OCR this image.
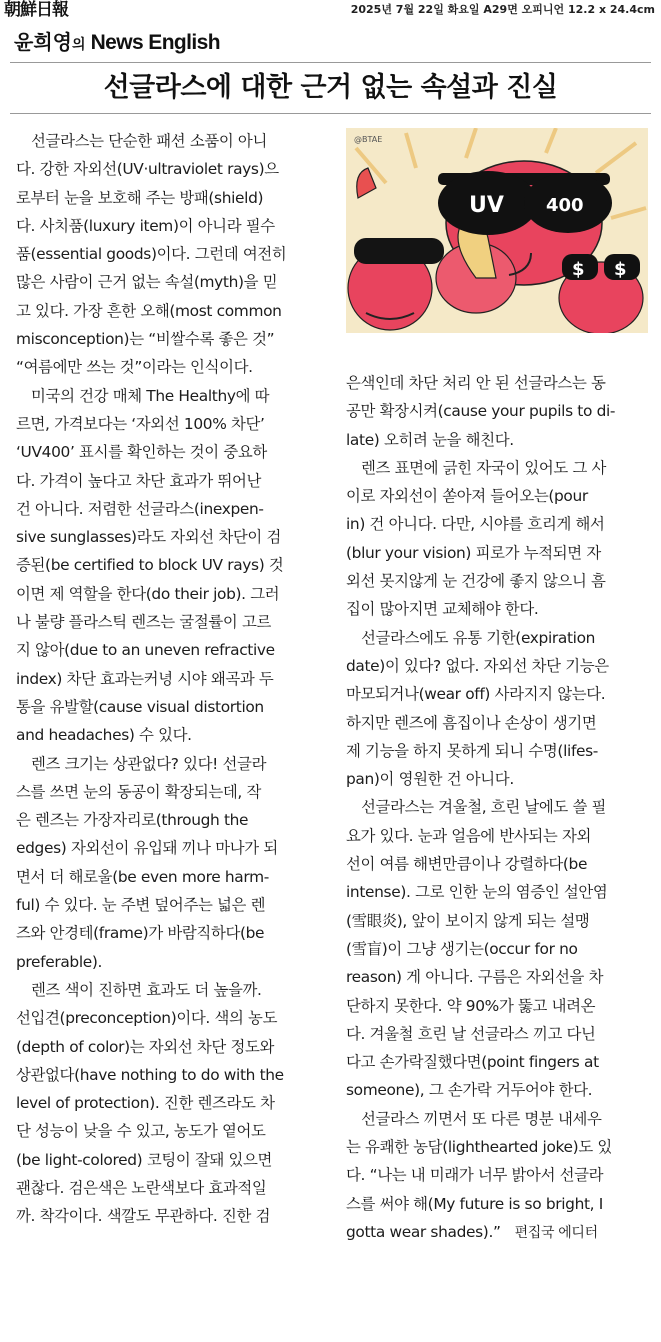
朝鮮日報	2025년 7월 22일 화요일 A29면 오피니언 12.2 x 24.4cm
윤희영의 News English
선글라스에 대한 근거 없는 속설과 진실
　선글라스는 단순한 패션 소품이 아니
다. 강한 자외선(UV·ultraviolet rays)으
로부터 눈을 보호해 주는 방패(shield)
다. 사치품(luxury item)이 아니라 필수
품(essential goods)이다. 그런데 여전히
많은 사람이 근거 없는 속설(myth)을 믿
고 있다. 가장 흔한 오해(most common
misconception)는 “비쌀수록 좋은 것”
“여름에만 쓰는 것”이라는 인식이다.
　미국의 건강 매체 The Healthy에 따
르면, 가격보다는 ‘자외선 100% 차단’
‘UV400’ 표시를 확인하는 것이 중요하
다. 가격이 높다고 차단 효과가 뛰어난
건 아니다. 저렴한 선글라스(inexpen-
sive sunglasses)라도 자외선 차단이 검
증된(be certified to block UV rays) 것
이면 제 역할을 한다(do their job). 그러
나 불량 플라스틱 렌즈는 굴절률이 고르
지 않아(due to an uneven refractive
index) 차단 효과는커녕 시야 왜곡과 두
통을 유발할(cause visual distortion
and headaches) 수 있다.
　렌즈 크기는 상관없다? 있다! 선글라
스를 쓰면 눈의 동공이 확장되는데, 작
은 렌즈는 가장자리로(through the
edges) 자외선이 유입돼 끼나 마나가 되
면서 더 해로울(be even more harm-
ful) 수 있다. 눈 주변 덮어주는 넓은 렌
즈와 안경테(frame)가 바람직하다(be
preferable).
　렌즈 색이 진하면 효과도 더 높을까.
선입견(preconception)이다. 색의 농도
(depth of color)는 자외선 차단 정도와
상관없다(have nothing to do with the
level of protection). 진한 렌즈라도 차
단 성능이 낮을 수 있고, 농도가 옅어도
(be light-colored) 코팅이 잘돼 있으면
괜찮다. 검은색은 노란색보다 효과적일
까. 착각이다. 색깔도 무관하다. 진한 검
@BTAE
UV 400
$ $
은색인데 차단 처리 안 된 선글라스는 동
공만 확장시켜(cause your pupils to di-
late) 오히려 눈을 해친다.
　렌즈 표면에 긁힌 자국이 있어도 그 사
이로 자외선이 쏟아져 들어오는(pour
in) 건 아니다. 다만, 시야를 흐리게 해서
(blur your vision) 피로가 누적되면 자
외선 못지않게 눈 건강에 좋지 않으니 흠
집이 많아지면 교체해야 한다.
　선글라스에도 유통 기한(expiration
date)이 있다? 없다. 자외선 차단 기능은
마모되거나(wear off) 사라지지 않는다.
하지만 렌즈에 흠집이나 손상이 생기면
제 기능을 하지 못하게 되니 수명(lifes-
pan)이 영원한 건 아니다.
　선글라스는 겨울철, 흐린 날에도 쓸 필
요가 있다. 눈과 얼음에 반사되는 자외
선이 여름 해변만큼이나 강렬하다(be
intense). 그로 인한 눈의 염증인 설안염
(雪眼炎), 앞이 보이지 않게 되는 설맹
(雪盲)이 그냥 생기는(occur for no
reason) 게 아니다. 구름은 자외선을 차
단하지 못한다. 약 90%가 뚫고 내려온
다. 겨울철 흐린 날 선글라스 끼고 다닌
다고 손가락질했다면(point fingers at
someone), 그 손가락 거두어야 한다.
　선글라스 끼면서 또 다른 명분 내세우
는 유쾌한 농담(lighthearted joke)도 있
다. “나는 내 미래가 너무 밝아서 선글라
스를 써야 해(My future is so bright, I
gotta wear shades).” 편집국 에디터
